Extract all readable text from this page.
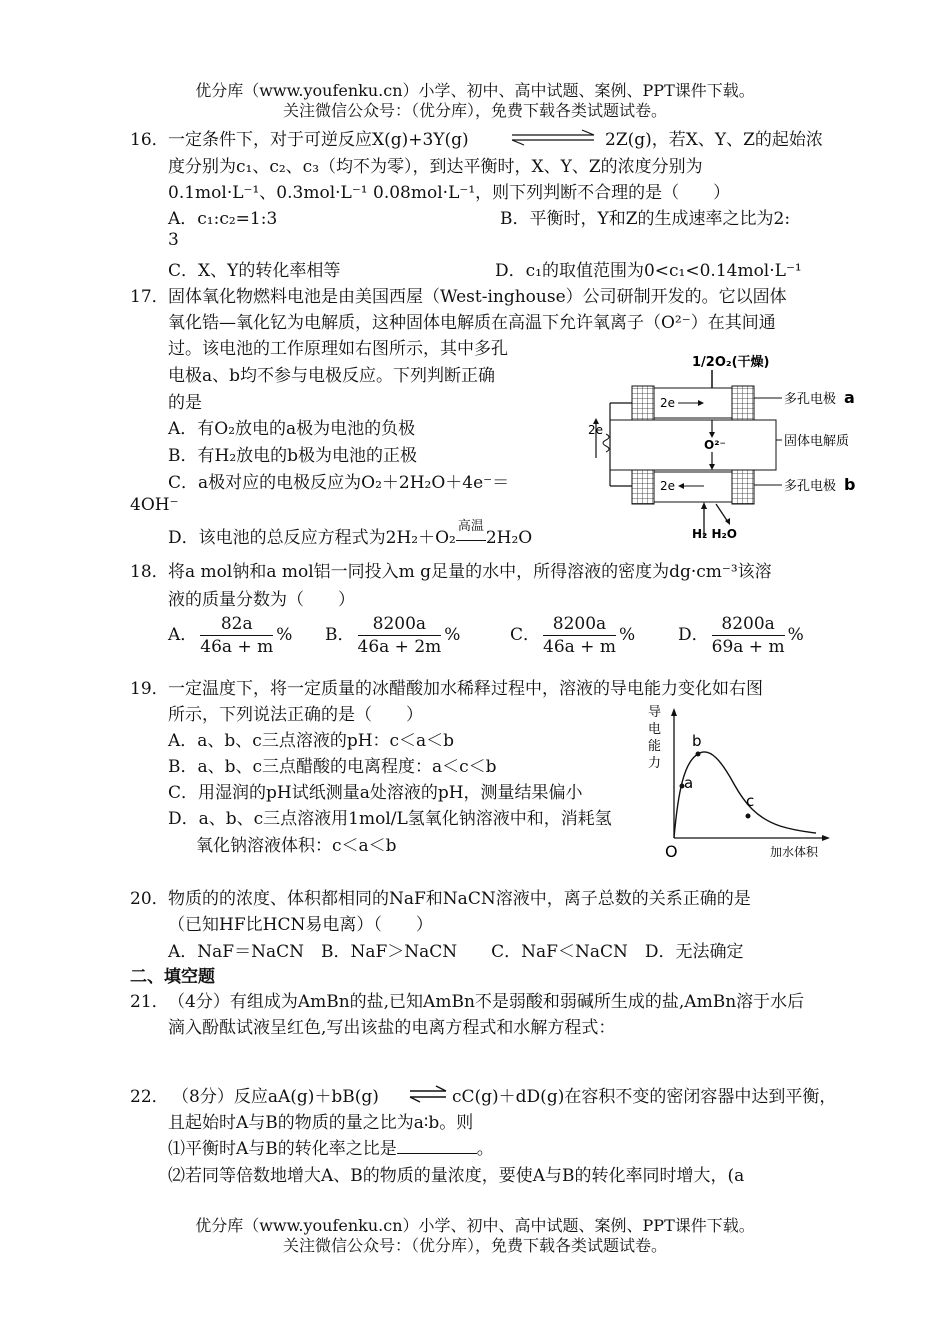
优分库（www.youfenku.cn）小学、初中、高中试题、案例、PPT课件下载。
关注微信公众号：（优分库），免费下载各类试题试卷。
16． 一定条件下，对于可逆反应X(g)+3Y(g)	2Z(g)，若X、Y、Z的起始浓
度分别为c₁、c₂、c₃（均不为零），到达平衡时，X、Y、Z的浓度分别为
0.1mol·L⁻¹、0.3mol·L⁻¹ 0.08mol·L⁻¹，则下列判断不合理的是（　　）
A．c₁:c₂=1:3	B．平衡时，Y和Z的生成速率之比为2:
3
C．X、Y的转化率相等	D．c₁的取值范围为0<c₁<0.14mol·L⁻¹
17． 固体氧化物燃料电池是由美国西屋（West-inghouse）公司研制开发的。它以固体
氧化锆—氧化钇为电解质，这种固体电解质在高温下允许氧离子（O²⁻）在其间通
过。该电池的工作原理如右图所示，其中多孔
电极a、b均不参与电极反应。下列判断正确
的是
A．有O₂放电的a极为电池的负极
B．有H₂放电的b极为电池的正极
C．a极对应的电极反应为O₂＋2H₂O＋4e⁻＝
4OH⁻
D．该电池的总反应方程式为2H₂＋O₂
高温
2H₂O
1/2O₂(干燥)
2e
O²⁻
2e
2e
H₂ H₂O
多孔电极 a
固体电解质
多孔电极 b
18． 将a mol钠和a mol铝一同投入m g足量的水中，所得溶液的密度为dg·cm⁻³该溶
液的质量分数为（　　）
A． $\frac{82a}{46a + m}$ % B． $\frac{8200a}{46a + 2m}$ %	C． $\frac{8200a}{46a + m}$ %	D． $\frac{8200a}{69a + m}$ %
19． 一定温度下，将一定质量的冰醋酸加水稀释过程中，溶液的导电能力变化如右图
所示，下列说法正确的是（　　）
A．a、b、c三点溶液的pH：c＜a＜b
B．a、b、c三点醋酸的电离程度：a＜c＜b
C．用湿润的pH试纸测量a处溶液的pH，测量结果偏小
D．a、b、c三点溶液用1mol/L氢氧化钠溶液中和，消耗氢
氧化钠溶液体积：c＜a＜b
导
电
能
力
a
b
c
O	加水体积
20． 物质的的浓度、体积都相同的NaF和NaCN溶液中，离子总数的关系正确的是
（已知HF比HCN易电离）（　　）
A．NaF＝NaCN　B．NaF＞NaCN　　C．NaF＜NaCN　D．无法确定
二、填空题
21． （4分）有组成为AmBn的盐,已知AmBn不是弱酸和弱碱所生成的盐,AmBn溶于水后
滴入酚酞试液呈红色,写出该盐的电离方程式和水解方程式：
22． （8分）反应aA(g)＋bB(g) ⇌ cC(g)＋dD(g)在容积不变的密闭容器中达到平衡，
且起始时A与B的物质的量之比为a∶b。则
⑴平衡时A与B的转化率之比是	。
⑵若同等倍数地增大A、B的物质的量浓度，要使A与B的转化率同时增大，(a
优分库（www.youfenku.cn）小学、初中、高中试题、案例、PPT课件下载。
关注微信公众号：（优分库），免费下载各类试题试卷。
